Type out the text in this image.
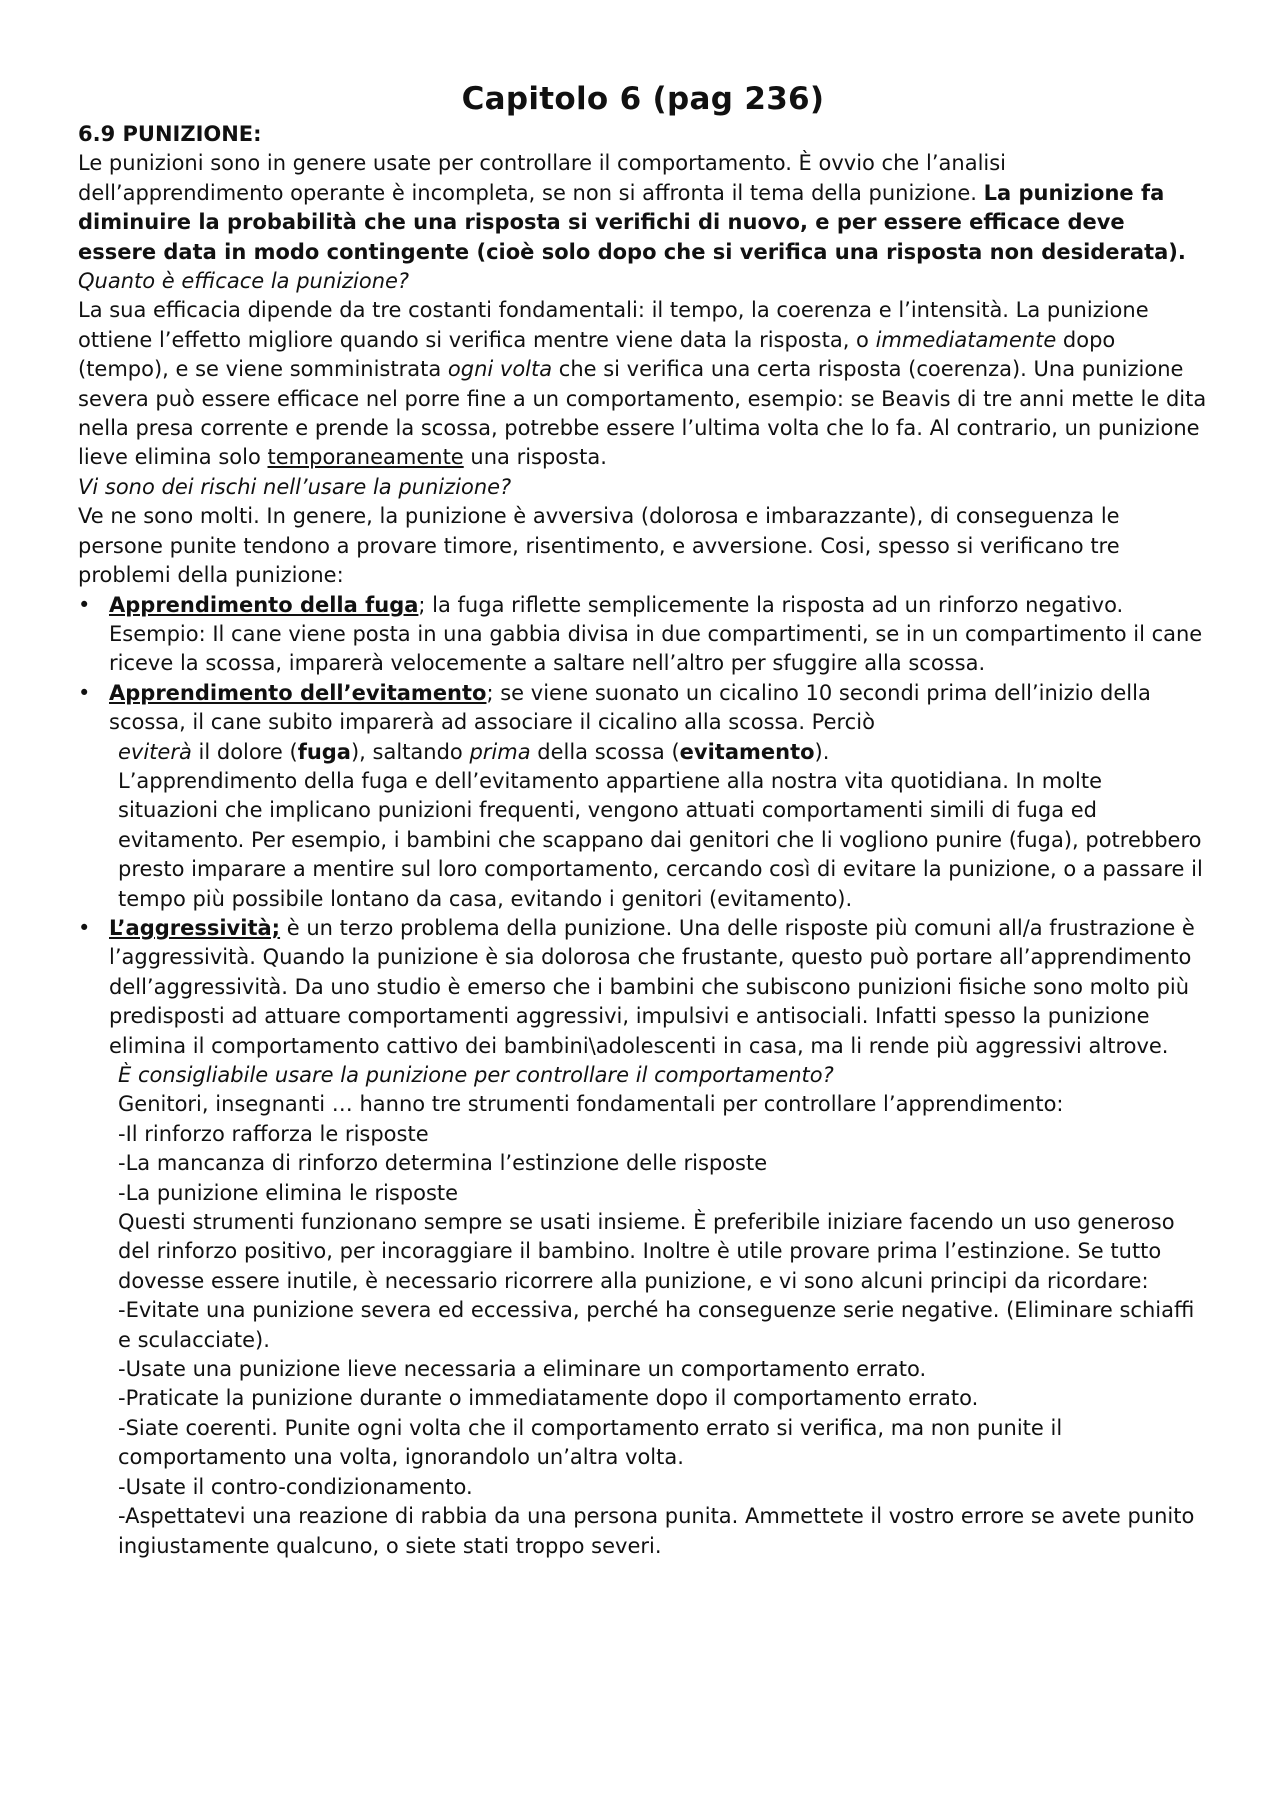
Capitolo 6 (pag 236)

6.9 PUNIZIONE:

Le punizioni sono in genere usate per controllare il comportamento. È ovvio che l’analisi dell’apprendimento operante è incompleta, se non si affronta il tema della punizione. La punizione fa diminuire la probabilità che una risposta si verifichi di nuovo, e per essere efficace deve essere data in modo contingente (cioè solo dopo che si verifica una risposta non desiderata).

Quanto è efficace la punizione?

La sua efficacia dipende da tre costanti fondamentali: il tempo, la coerenza e l’intensità. La punizione ottiene l’effetto migliore quando si verifica mentre viene data la risposta, o immediatamente dopo (tempo), e se viene somministrata ogni volta che si verifica una certa risposta (coerenza). Una punizione severa può essere efficace nel porre fine a un comportamento, esempio: se Beavis di tre anni mette le dita nella presa corrente e prende la scossa, potrebbe essere l’ultima volta che lo fa. Al contrario, un punizione lieve elimina solo temporaneamente una risposta.

Vi sono dei rischi nell’usare la punizione?

Ve ne sono molti. In genere, la punizione è avversiva (dolorosa e imbarazzante), di conseguenza le persone punite tendono a provare timore, risentimento, e avversione. Cosi, spesso si verificano tre problemi della punizione:

• Apprendimento della fuga; la fuga riflette semplicemente la risposta ad un rinforzo negativo. Esempio: Il cane viene posta in una gabbia divisa in due compartimenti, se in un compartimento il cane riceve la scossa, imparerà velocemente a saltare nell’altro per sfuggire alla scossa.
• Apprendimento dell’evitamento; se viene suonato un cicalino 10 secondi prima dell’inizio della scossa, il cane subito imparerà ad associare il cicalino alla scossa. Perciò
eviterà il dolore (fuga), saltando prima della scossa (evitamento).
L’apprendimento della fuga e dell’evitamento appartiene alla nostra vita quotidiana. In molte situazioni che implicano punizioni frequenti, vengono attuati comportamenti simili di fuga ed evitamento. Per esempio, i bambini che scappano dai genitori che li vogliono punire (fuga), potrebbero presto imparare a mentire sul loro comportamento, cercando così di evitare la punizione, o a passare il tempo più possibile lontano da casa, evitando i genitori (evitamento).
• L’aggressività; è un terzo problema della punizione. Una delle risposte più comuni all/a frustrazione è l’aggressività. Quando la punizione è sia dolorosa che frustante, questo può portare all’apprendimento dell’aggressività. Da uno studio è emerso che i bambini che subiscono punizioni fisiche sono molto più predisposti ad attuare comportamenti aggressivi, impulsivi e antisociali. Infatti spesso la punizione elimina il comportamento cattivo dei bambini\adolescenti in casa, ma li rende più aggressivi altrove.
È consigliabile usare la punizione per controllare il comportamento?
Genitori, insegnanti … hanno tre strumenti fondamentali per controllare l’apprendimento:
-Il rinforzo rafforza le risposte
-La mancanza di rinforzo determina l’estinzione delle risposte
-La punizione elimina le risposte
Questi strumenti funzionano sempre se usati insieme. È preferibile iniziare facendo un uso generoso del rinforzo positivo, per incoraggiare il bambino. Inoltre è utile provare prima l’estinzione. Se tutto dovesse essere inutile, è necessario ricorrere alla punizione, e vi sono alcuni principi da ricordare:
-Evitate una punizione severa ed eccessiva, perché ha conseguenze serie negative. (Eliminare schiaffi e sculacciate).
-Usate una punizione lieve necessaria a eliminare un comportamento errato.
-Praticate la punizione durante o immediatamente dopo il comportamento errato.
-Siate coerenti. Punite ogni volta che il comportamento errato si verifica, ma non punite il comportamento una volta, ignorandolo un’altra volta.
-Usate il contro-condizionamento.
-Aspettatevi una reazione di rabbia da una persona punita. Ammettete il vostro errore se avete punito ingiustamente qualcuno, o siete stati troppo severi.
